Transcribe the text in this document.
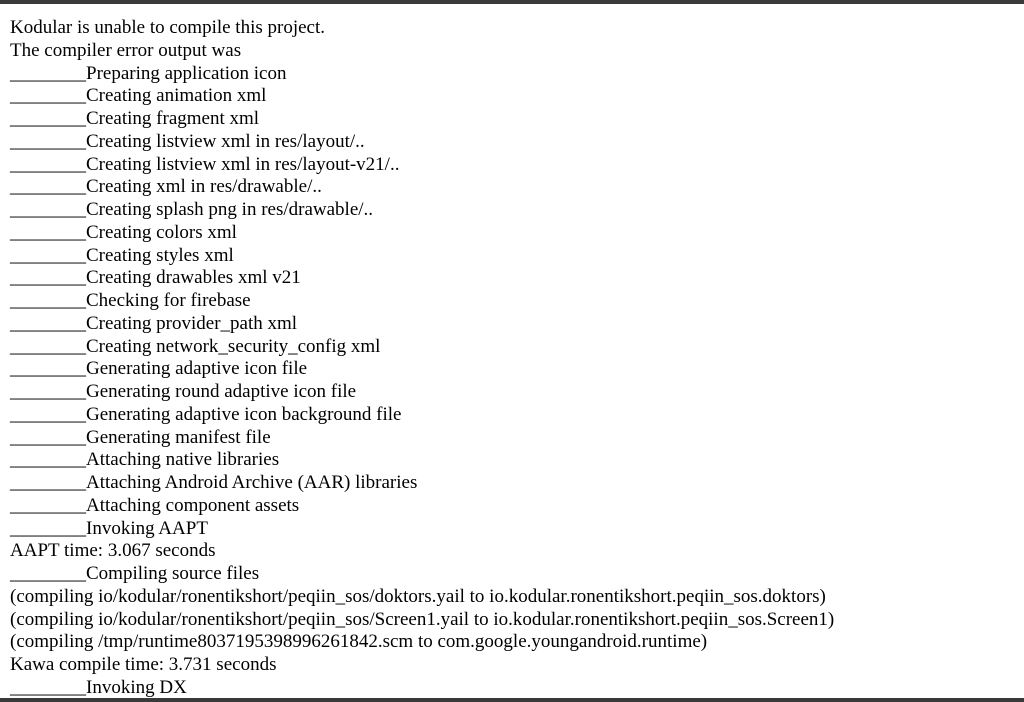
Kodular is unable to compile this project.
The compiler error output was
________Preparing application icon
________Creating animation xml
________Creating fragment xml
________Creating listview xml in res/layout/..
________Creating listview xml in res/layout-v21/..
________Creating xml in res/drawable/..
________Creating splash png in res/drawable/..
________Creating colors xml
________Creating styles xml
________Creating drawables xml v21
________Checking for firebase
________Creating provider_path xml
________Creating network_security_config xml
________Generating adaptive icon file
________Generating round adaptive icon file
________Generating adaptive icon background file
________Generating manifest file
________Attaching native libraries
________Attaching Android Archive (AAR) libraries
________Attaching component assets
________Invoking AAPT
AAPT time: 3.067 seconds
________Compiling source files
(compiling io/kodular/ronentikshort/peqiin_sos/doktors.yail to io.kodular.ronentikshort.peqiin_sos.doktors)
(compiling io/kodular/ronentikshort/peqiin_sos/Screen1.yail to io.kodular.ronentikshort.peqiin_sos.Screen1)
(compiling /tmp/runtime8037195398996261842.scm to com.google.youngandroid.runtime)
Kawa compile time: 3.731 seconds
________Invoking DX
